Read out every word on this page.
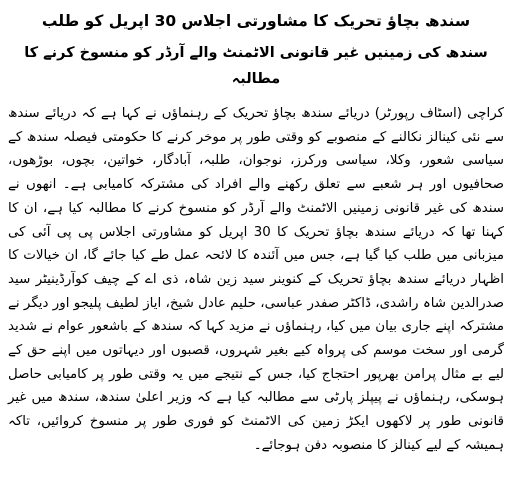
سندھ بچاؤ تحریک کا مشاورتی اجلاس 30 اپریل کو طلب
سندھ کی زمینیں غیر قانونی الاٹمنٹ والے آرڈر کو منسوخ کرنے کا مطالبہ

کراچی (اسٹاف رپورٹر) دریائے سندھ بچاؤ تحریک کے رہنماؤں نے کہا ہے کہ دریائے سندھ سے نئی کینالز نکالنے کے منصوبے کو وقتی طور پر موخر کرنے کا حکومتی فیصلہ سندھ کے سیاسی شعور، وکلا، سیاسی ورکرز، نوجوان، طلبہ، آبادگار، خواتین، بچوں، بوڑھوں، صحافیوں اور ہر شعبے سے تعلق رکھنے والے افراد کی مشترکہ کامیابی ہے۔ انھوں نے سندھ کی غیر قانونی زمینیں الاٹمنٹ والے آرڈر کو منسوخ کرنے کا مطالبہ کیا ہے، ان کا کہنا تھا کہ دریائے سندھ بچاؤ تحریک کا 30 اپریل کو مشاورتی اجلاس پی پی آئی کی میزبانی میں طلب کیا گیا ہے، جس میں آئندہ کا لائحہ عمل طے کیا جائے گا، ان خیالات کا اظہار دریائے سندھ بچاؤ تحریک کے کنوینر سید زین شاہ، ذی اے کے چیف کوآرڈینیٹر سید صدرالدین شاہ راشدی، ڈاکٹر صفدر عباسی، حلیم عادل شیخ، ایاز لطیف پلیجو اور دیگر نے مشترکہ اپنے جاری بیان میں کیا، رہنماؤں نے مزید کہا کہ سندھ کے باشعور عوام نے شدید گرمی اور سخت موسم کی پرواہ کیے بغیر شہروں، قصبوں اور دیہاتوں میں اپنے حق کے لیے بے مثال پرامن بھرپور احتجاج کیا، جس کے نتیجے میں یہ وقتی طور پر کامیابی حاصل ہوسکی، رہنماؤں نے پیپلز پارٹی سے مطالبہ کیا ہے کہ وزیر اعلیٰ سندھ، سندھ میں غیر قانونی طور پر لاکھوں ایکڑ زمین کی الاٹمنٹ کو فوری طور پر منسوخ کروائیں، تاکہ ہمیشہ کے لیے کینالز کا منصوبہ دفن ہوجائے۔
